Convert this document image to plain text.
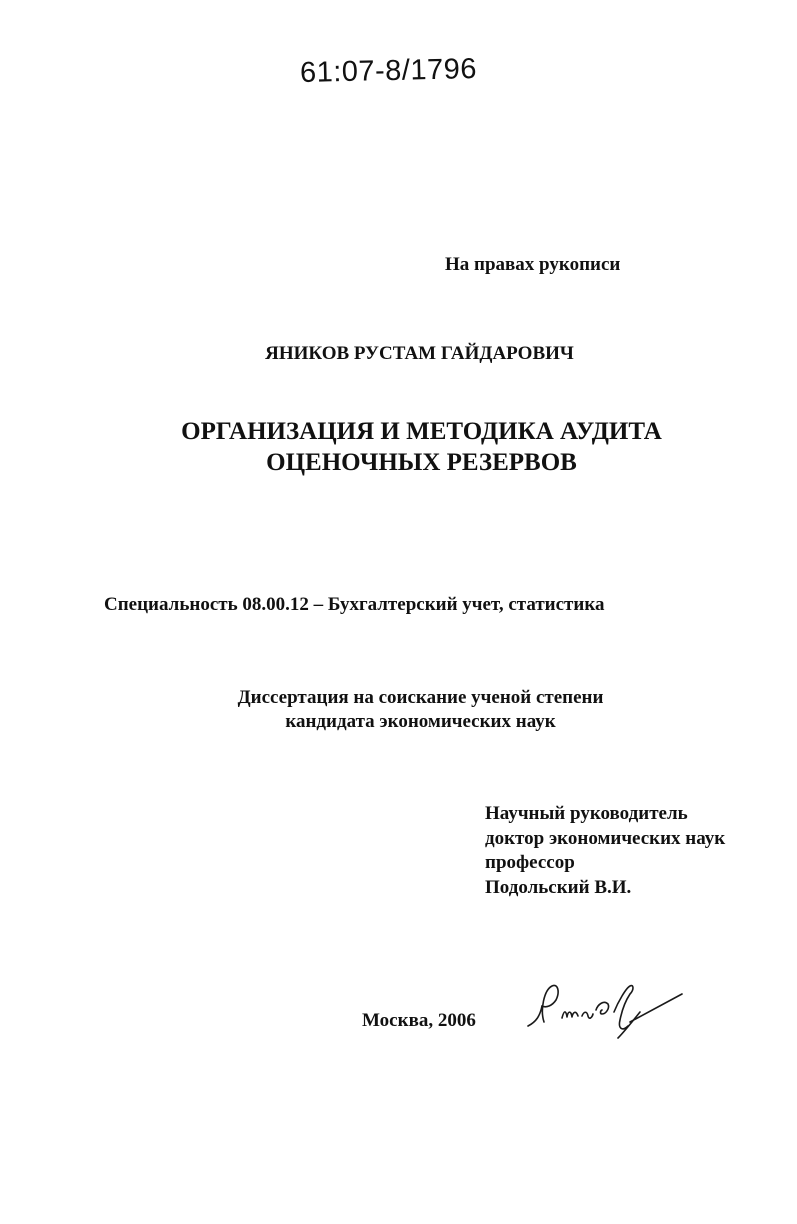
61:07-8/1796
На правах рукописи
ЯНИКОВ РУСТАМ ГАЙДАРОВИЧ
ОРГАНИЗАЦИЯ И МЕТОДИКА АУДИТА
ОЦЕНОЧНЫХ РЕЗЕРВОВ
Специальность 08.00.12 – Бухгалтерский учет, статистика
Диссертация на соискание ученой степени
кандидата экономических наук
Научный руководитель
доктор экономических наук
профессор
Подольский В.И.
Москва, 2006
